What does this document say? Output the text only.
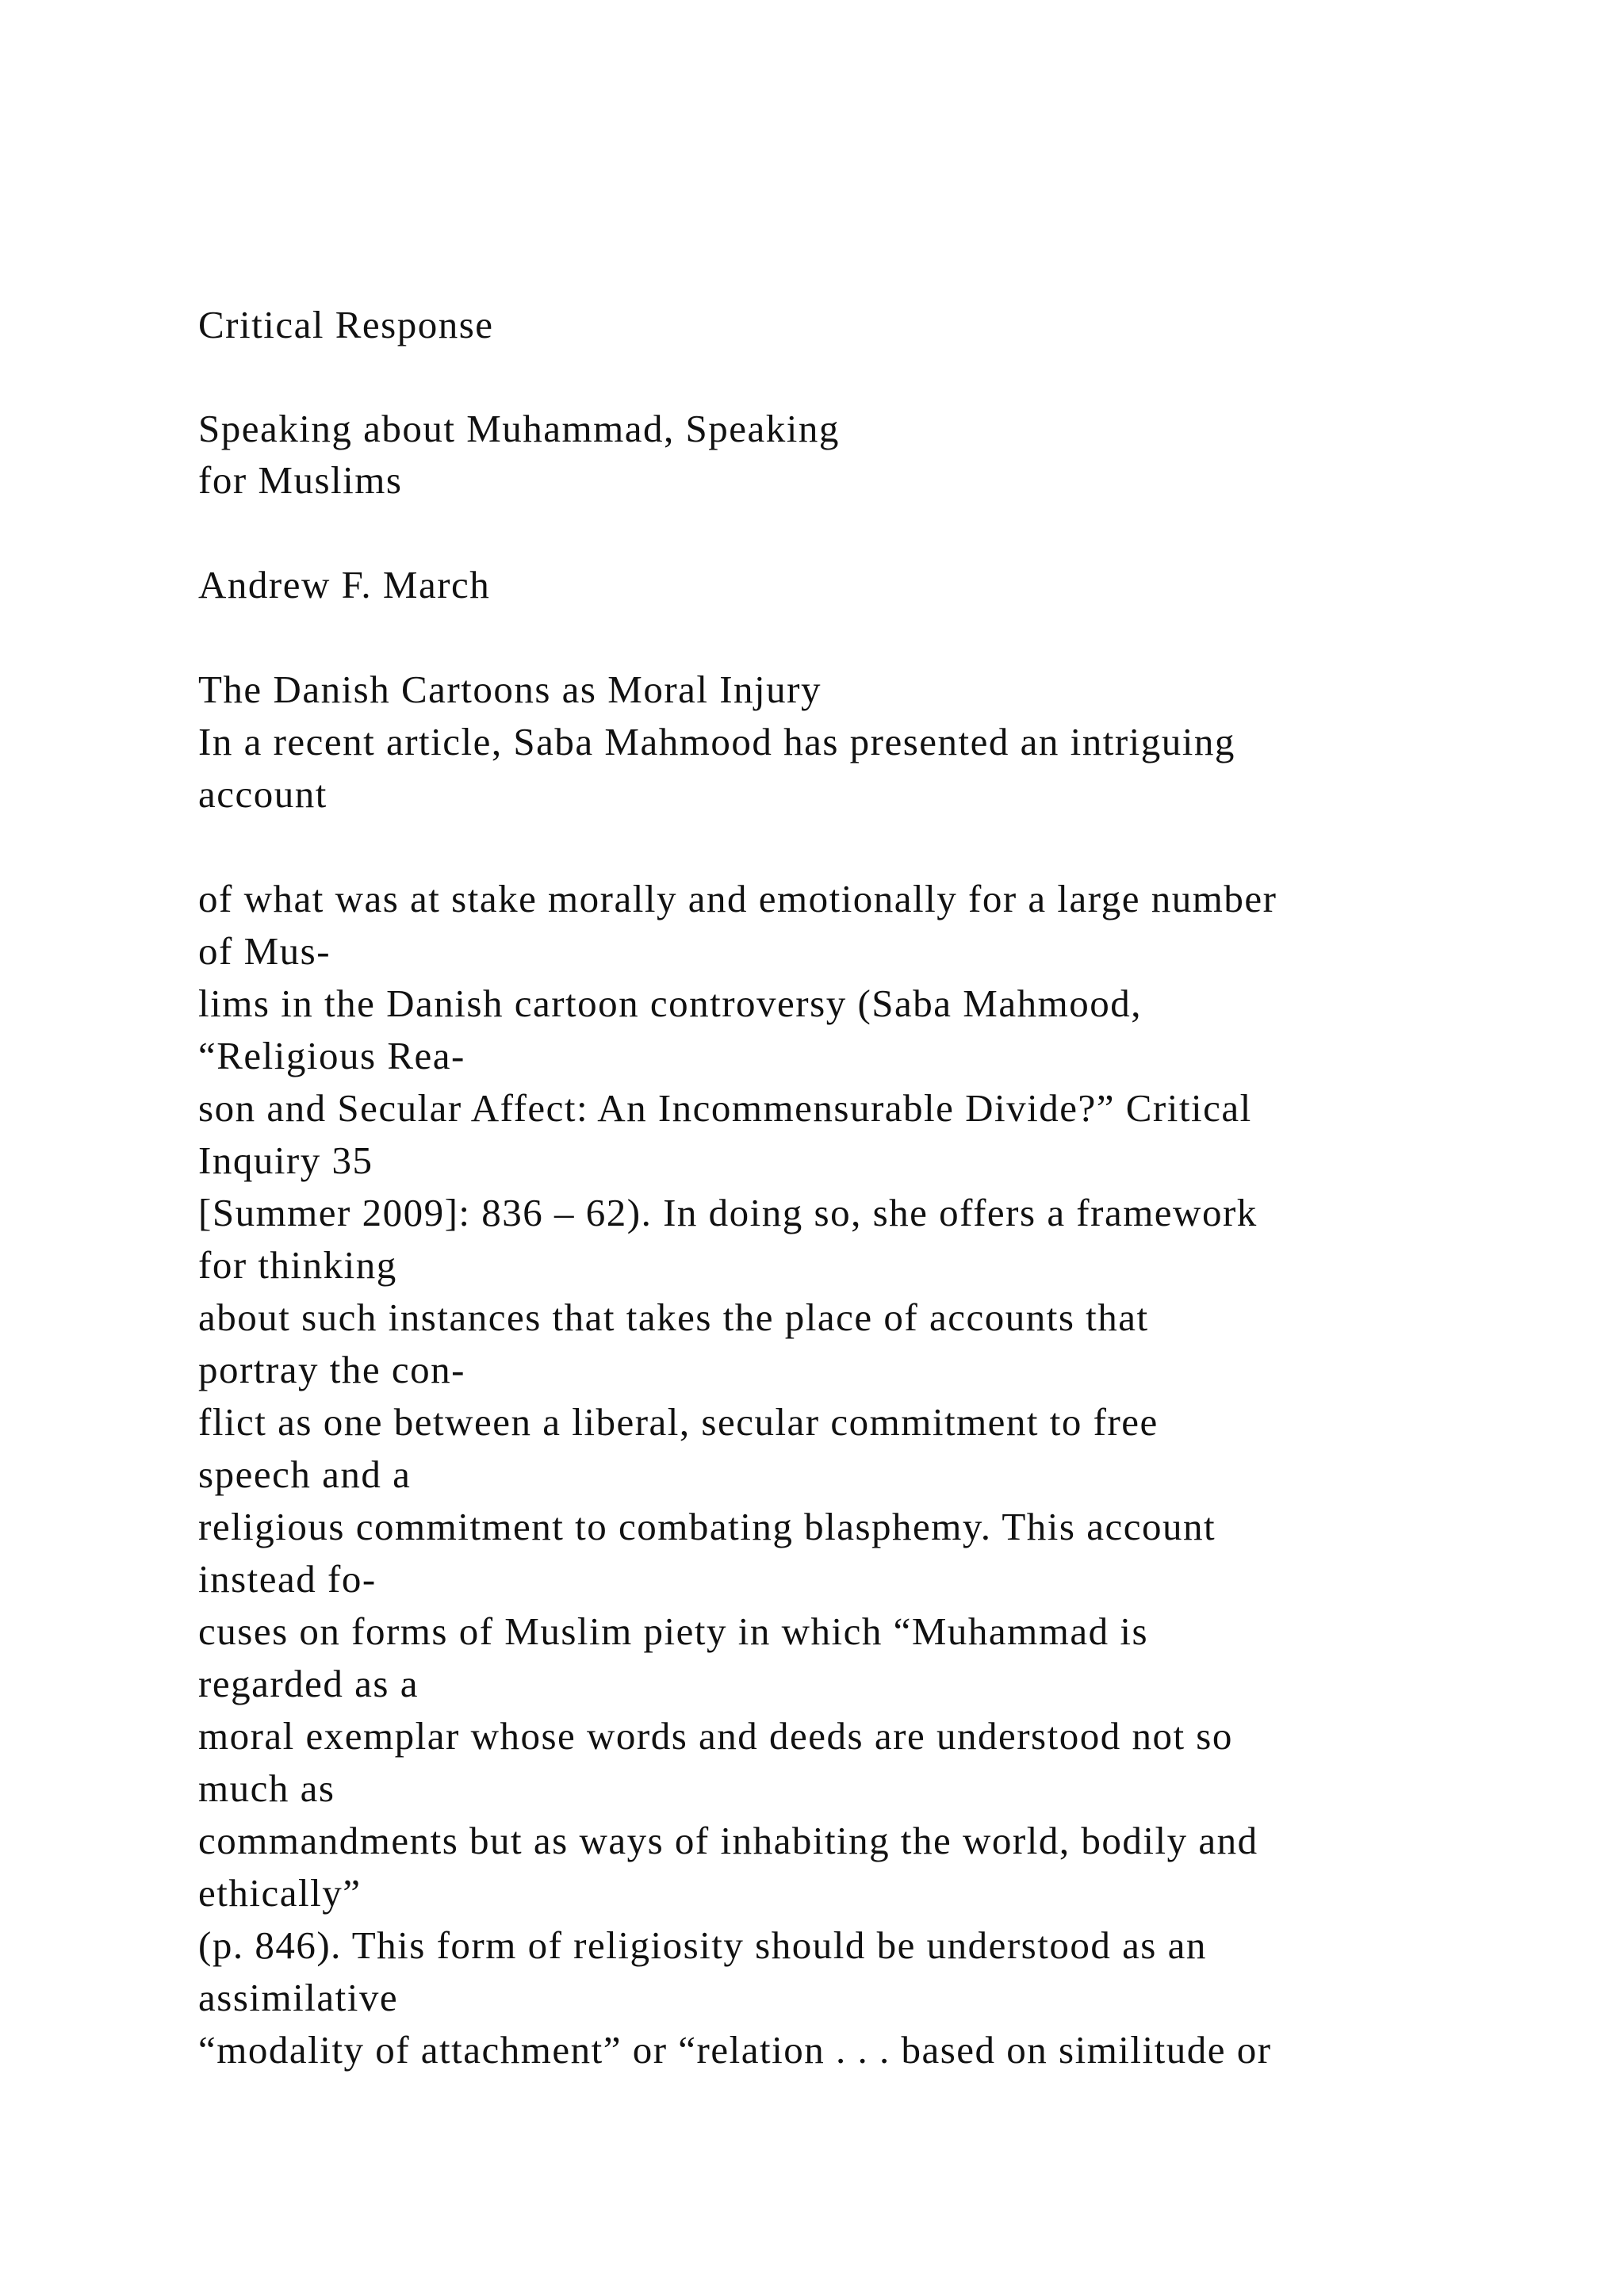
Critical Response

Speaking about Muhammad, Speaking

for Muslims

Andrew F. March

The Danish Cartoons as Moral Injury

In a recent article, Saba Mahmood has presented an intriguing

account

of what was at stake morally and emotionally for a large number

of Mus-

lims in the Danish cartoon controversy (Saba Mahmood,

“Religious Rea-

son and Secular Affect: An Incommensurable Divide?” Critical

Inquiry 35

[Summer 2009]: 836 – 62). In doing so, she offers a framework

for thinking

about such instances that takes the place of accounts that

portray the con-

flict as one between a liberal, secular commitment to free

speech and a

religious commitment to combating blasphemy. This account

instead fo-

cuses on forms of Muslim piety in which “Muhammad is

regarded as a

moral exemplar whose words and deeds are understood not so

much as

commandments but as ways of inhabiting the world, bodily and

ethically”

(p. 846). This form of religiosity should be understood as an

assimilative

“modality of attachment” or “relation . . . based on similitude or
